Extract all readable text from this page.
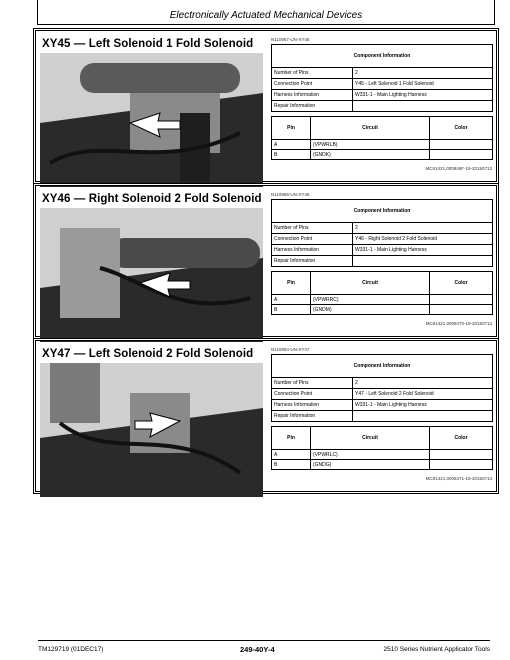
Electronically Actuated Mechanical Devices
XY45 — Left Solenoid 1 Fold Solenoid	N110957-UN-XY45
Component Information	
Number of Pins	2
Connection Point	Y45 - Left Solenoid 1 Fold Solenoid
Harness Information	W331-1 - Main Lighting Harness
Repair Information	
Pin	Circuit	Color
A	(VPWRLB)	
B	(GNDK)	
MC91421,000846F-19-20150713
XY46 — Right Solenoid 2 Fold Solenoid N110955-UN-XY46
Component Information	
Number of Pins	2
Connection Point	Y46 - Right Solenoid 2 Fold Solenoid
Harness Information	W331-1 - Main Lighting Harness
Repair Information	
Pin	Circuit	Color
A	(VPWRRC)	
B	(GNDM)	
MC91421,0008470-19-20150713
XY47 — Left Solenoid 2 Fold Solenoid	N110954-UN-XY47
Component Information	
Number of Pins	2
Connection Point	Y47 - Left Solenoid 2 Fold Solenoid
Harness Information	W331-1 - Main Lighting Harness
Repair Information	
Pin	Circuit	Color
A	(VPWRLC)	
B	(GNDG)	
MC91421,0008471-19-20150713
TM129719 (01DEC17)	249-40Y-4	2510 Series Nutrient Applicator Tools
